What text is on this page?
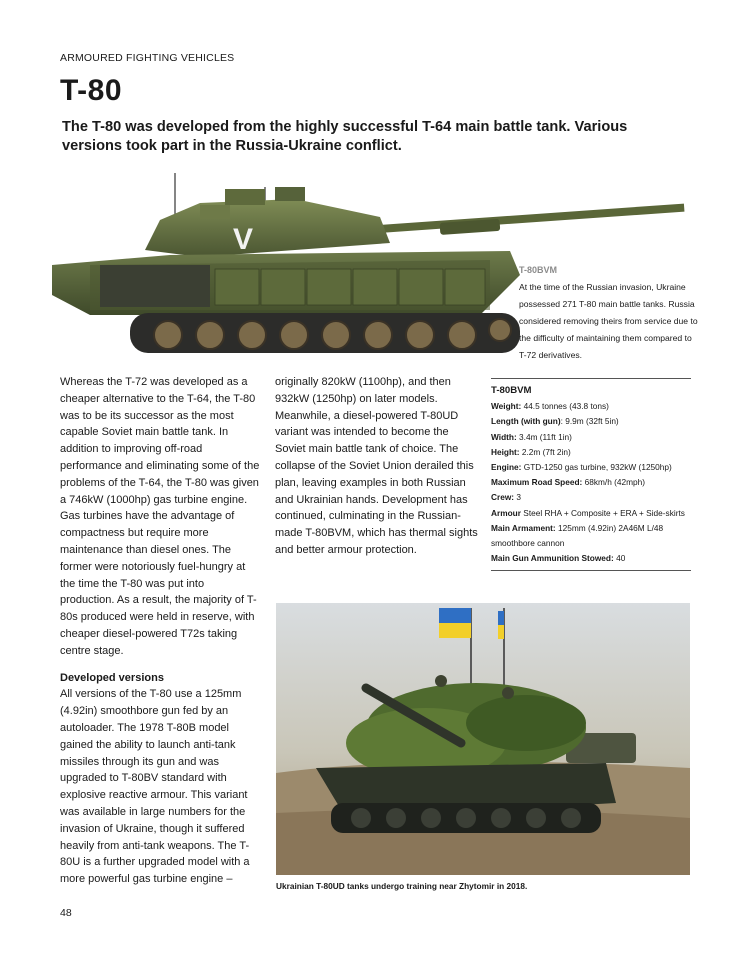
ARMOURED FIGHTING VEHICLES
T-80
The T-80 was developed from the highly successful T-64 main battle tank. Various versions took part in the Russia-Ukraine conflict.
V
T-80BVM
At the time of the Russian invasion, Ukraine possessed 271 T-80 main battle tanks. Russia considered removing theirs from service due to the difficulty of maintaining them compared to T-72 derivatives.

Whereas the T-72 was developed as a cheaper alternative to the T-64, the T-80 was to be its successor as the most capable Soviet main battle tank. In addition to improving off-road performance and eliminating some of the problems of the T-64, the T-80 was given a 746kW (1000hp) gas turbine engine. Gas turbines have the advantage of compactness but require more maintenance than diesel ones. The former were notoriously fuel-hungry at the time the T-80 was put into production. As a result, the majority of T-80s produced were held in reserve, with cheaper diesel-powered T72s taking centre stage.

Developed versions

All versions of the T-80 use a 125mm (4.92in) smoothbore gun fed by an autoloader. The 1978 T-80B model gained the ability to launch anti-tank missiles through its gun and was upgraded to T-80BV standard with explosive reactive armour. This variant was available in large numbers for the invasion of Ukraine, though it suffered heavily from anti-tank weapons. The T-80U is a further upgraded model with a more powerful gas turbine engine –

originally 820kW (1100hp), and then 932kW (1250hp) on later models. Meanwhile, a diesel-powered T-80UD variant was intended to become the Soviet main battle tank of choice. The collapse of the Soviet Union derailed this plan, leaving examples in both Russian and Ukrainian hands. Development has continued, culminating in the Russian-made T-80BVM, which has thermal sights and better armour protection.

T-80BVM
Weight: 44.5 tonnes (43.8 tons)
Length (with gun): 9.9m (32ft 5in)
Width: 3.4m (11ft 1in)
Height: 2.2m (7ft 2in)
Engine: GTD-1250 gas turbine, 932kW (1250hp)
Maximum Road Speed: 68km/h (42mph)
Crew: 3
Armour Steel RHA + Composite + ERA + Side-skirts
Main Armament: 125mm (4.92in) 2A46M L/48 smoothbore cannon
Main Gun Ammunition Stowed: 40
Ukrainian T-80UD tanks undergo training near Zhytomir in 2018.
48
